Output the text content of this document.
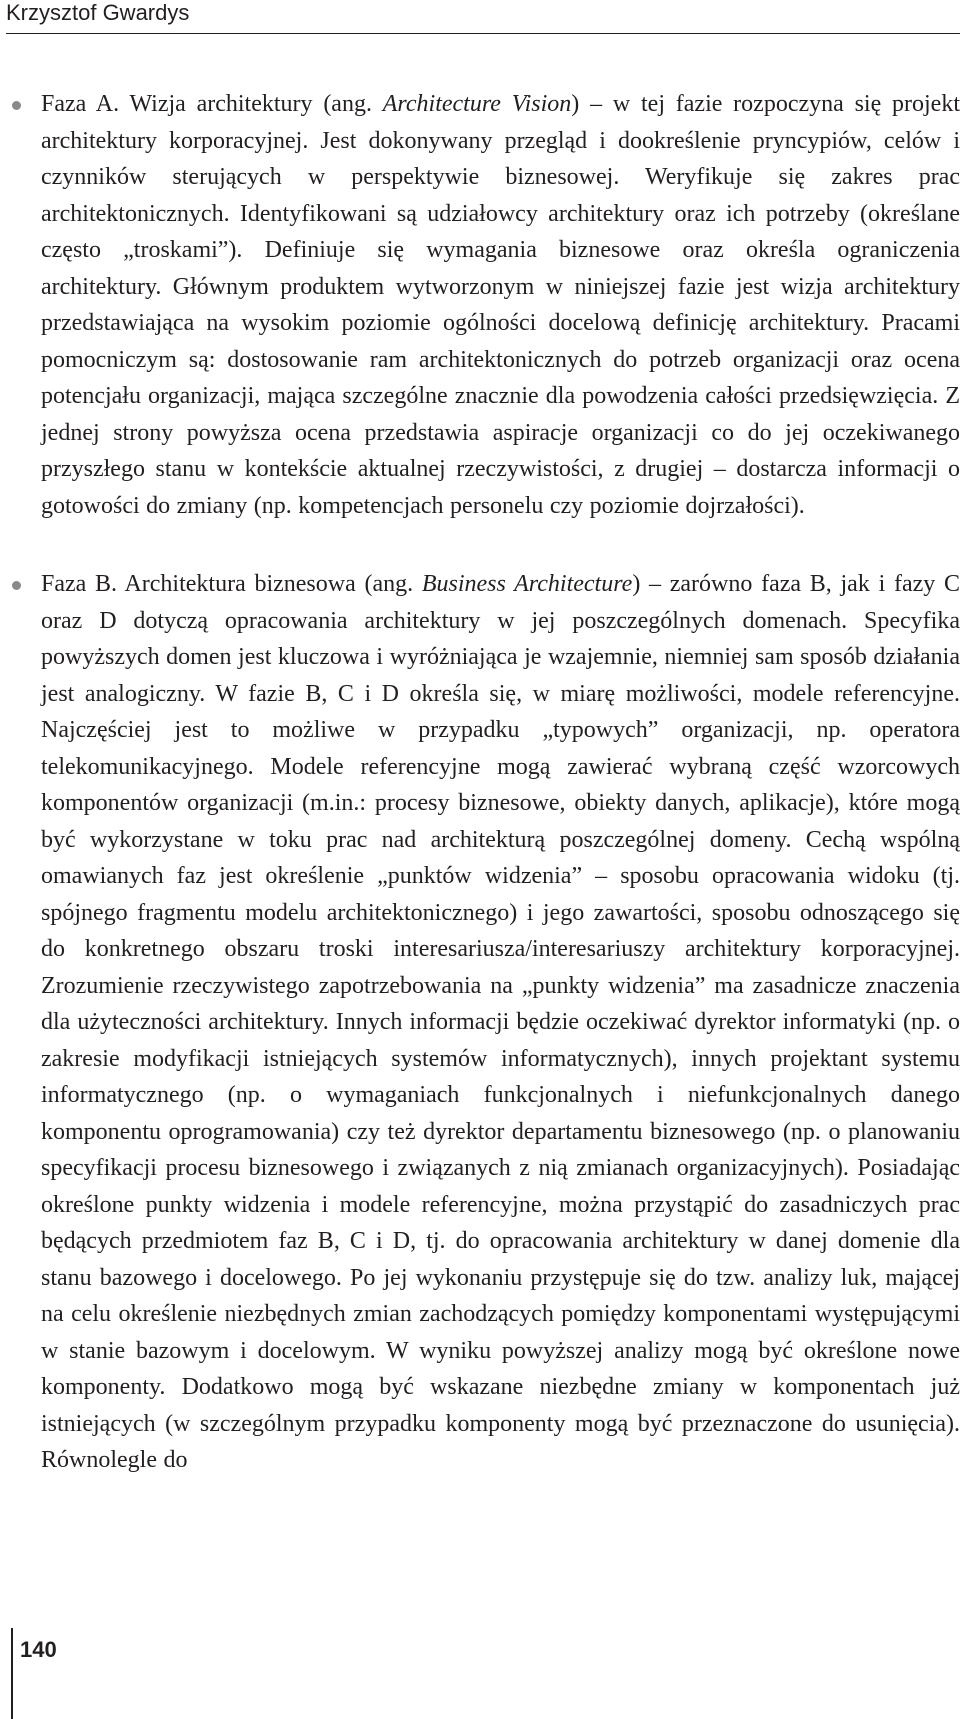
Krzysztof Gwardys

Faza A. Wizja architektury (ang. Architecture Vision) – w tej fazie rozpoczyna się projekt architektury korporacyjnej. Jest dokonywany przegląd i dookreślenie pryncypiów, celów i czynników sterujących w perspektywie biznesowej. Weryfikuje się zakres prac architektonicznych. Identyfikowani są udziałowcy architektury oraz ich potrzeby (określane często „troskami”). Definiuje się wymagania biznesowe oraz określa ograniczenia architektury. Głównym produktem wytworzonym w niniejszej fazie jest wizja architektury przedstawiająca na wysokim poziomie ogólności docelową definicję architektury. Pracami pomocniczym są: dostosowanie ram architektonicznych do potrzeb organizacji oraz ocena potencjału organizacji, mająca szczególne znacznie dla powodzenia całości przedsięwzięcia. Z jednej strony powyższa ocena przedstawia aspiracje organizacji co do jej oczekiwanego przyszłego stanu w kontekście aktualnej rzeczywistości, z drugiej – dostarcza informacji o gotowości do zmiany (np. kompetencjach personelu czy poziomie dojrzałości).

Faza B. Architektura biznesowa (ang. Business Architecture) – zarówno faza B, jak i fazy C oraz D dotyczą opracowania architektury w jej poszczególnych domenach. Specyfika powyższych domen jest kluczowa i wyróżniająca je wzajemnie, niemniej sam sposób działania jest analogiczny. W fazie B, C i D określa się, w miarę możliwości, modele referencyjne. Najczęściej jest to możliwe w przypadku „typowych” organizacji, np. operatora telekomunikacyjnego. Modele referencyjne mogą zawierać wybraną część wzorcowych komponentów organizacji (m.in.: procesy biznesowe, obiekty danych, aplikacje), które mogą być wykorzystane w toku prac nad architekturą poszczególnej domeny. Cechą wspólną omawianych faz jest określenie „punktów widzenia” – sposobu opracowania widoku (tj. spójnego fragmentu modelu architektonicznego) i jego zawartości, sposobu odnoszącego się do konkretnego obszaru troski interesariusza/interesariuszy architektury korporacyjnej. Zrozumienie rzeczywistego zapotrzebowania na „punkty widzenia” ma zasadnicze znaczenia dla użyteczności architektury. Innych informacji będzie oczekiwać dyrektor informatyki (np. o zakresie modyfikacji istniejących systemów informatycznych), innych projektant systemu informatycznego (np. o wymaganiach funkcjonalnych i niefunkcjonalnych danego komponentu oprogramowania) czy też dyrektor departamentu biznesowego (np. o planowaniu specyfikacji procesu biznesowego i związanych z nią zmianach organizacyjnych). Posiadając określone punkty widzenia i modele referencyjne, można przystąpić do zasadniczych prac będących przedmiotem faz B, C i D, tj. do opracowania architektury w danej domenie dla stanu bazowego i docelowego. Po jej wykonaniu przystępuje się do tzw. analizy luk, mającej na celu określenie niezbędnych zmian zachodzących pomiędzy komponentami występującymi w stanie bazowym i docelowym. W wyniku powyższej analizy mogą być określone nowe komponenty. Dodatkowo mogą być wskazane niezbędne zmiany w komponentach już istniejących (w szczególnym przypadku komponenty mogą być przeznaczone do usunięcia). Równolegle do

140
